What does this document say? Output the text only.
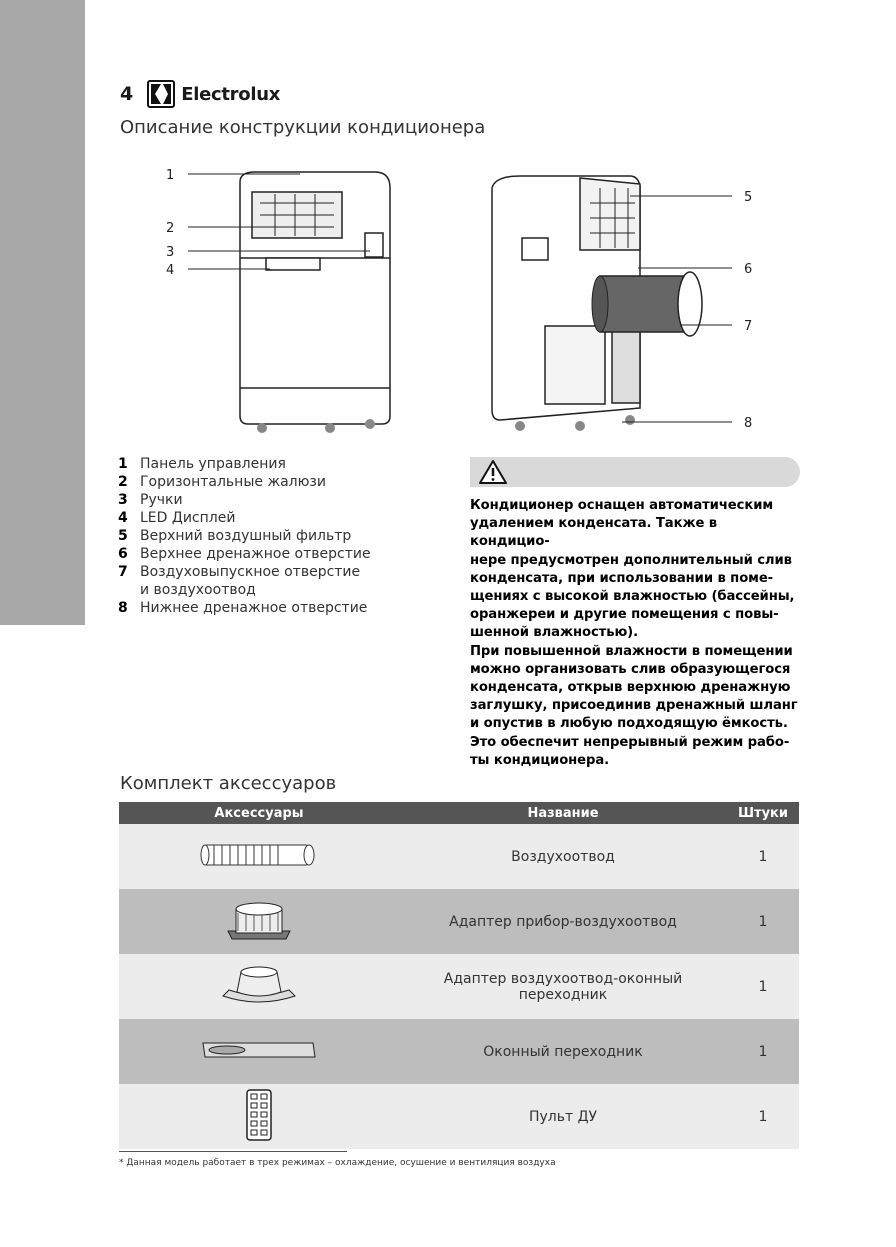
4	Electrolux
Описание конструкции кондиционера
1
2
3
4
5
6
7
8
1 Панель управления
2 Горизонтальные жалюзи
3 Ручки
4 LED Дисплей
5 Верхний воздушный фильтр
6 Верхнее дренажное отверстие
7 Воздуховыпускное отверстие
и воздухоотвод
8 Нижнее дренажное отверстие
Кондиционер оснащен автоматическим
удалением конденсата. Также в кондицио-
нере предусмотрен дополнительный слив
конденсата, при использовании в поме-
щениях с высокой влажностью (бассейны,
оранжереи и другие помещения с повы-
шенной влажностью).
При повышенной влажности в помещении
можно организовать слив образующегося
конденсата, открыв верхнюю дренажную
заглушку, присоединив дренажный шланг
и опустив в любую подходящую ёмкость.
Это обеспечит непрерывный режим рабо-
ты кондиционера.
Комплект аксессуаров
Аксессуары	Название	Штуки
	Воздухоотвод	1
	Адаптер прибор-воздухоотвод	1
	Адаптер воздухоотвод-оконный переходник	1
	Оконный переходник	1
	Пульт ДУ	1
* Данная модель работает в трех режимах – охлаждение, осушение и вентиляция воздуха
